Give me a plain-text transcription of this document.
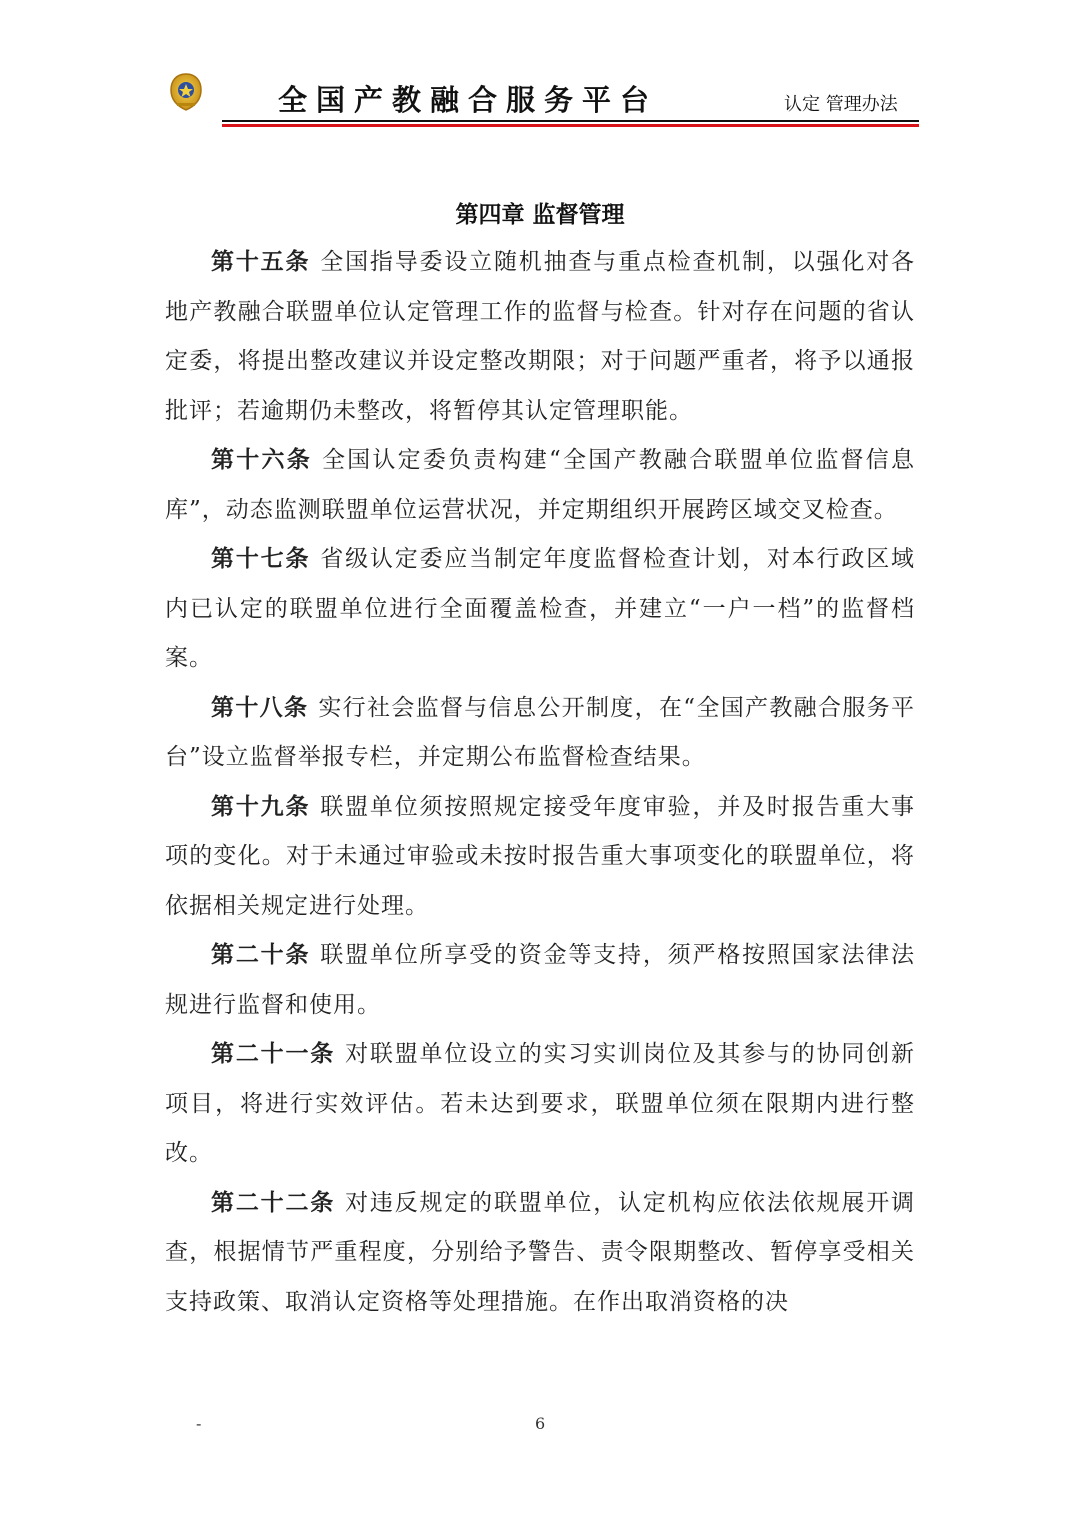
全国产教融合服务平台	认定 管理办法
第四章 监督管理

第十五条 全国指导委设立随机抽查与重点检查机制，以强化对各地产教融合联盟单位认定管理工作的监督与检查。针对存在问题的省认定委，将提出整改建议并设定整改期限；对于问题严重者，将予以通报批评；若逾期仍未整改，将暂停其认定管理职能。

第十六条 全国认定委负责构建“全国产教融合联盟单位监督信息库”，动态监测联盟单位运营状况，并定期组织开展跨区域交叉检查。

第十七条 省级认定委应当制定年度监督检查计划，对本行政区域内已认定的联盟单位进行全面覆盖检查，并建立“一户一档”的监督档案。

第十八条 实行社会监督与信息公开制度，在“全国产教融合服务平台”设立监督举报专栏，并定期公布监督检查结果。

第十九条 联盟单位须按照规定接受年度审验，并及时报告重大事项的变化。对于未通过审验或未按时报告重大事项变化的联盟单位，将依据相关规定进行处理。

第二十条 联盟单位所享受的资金等支持，须严格按照国家法律法规进行监督和使用。

第二十一条 对联盟单位设立的实习实训岗位及其参与的协同创新项目，将进行实效评估。若未达到要求，联盟单位须在限期内进行整改。

第二十二条 对违反规定的联盟单位，认定机构应依法依规展开调查，根据情节严重程度，分别给予警告、责令限期整改、暂停享受相关支持政策、取消认定资格等处理措施。在作出取消资格的决

-	6
